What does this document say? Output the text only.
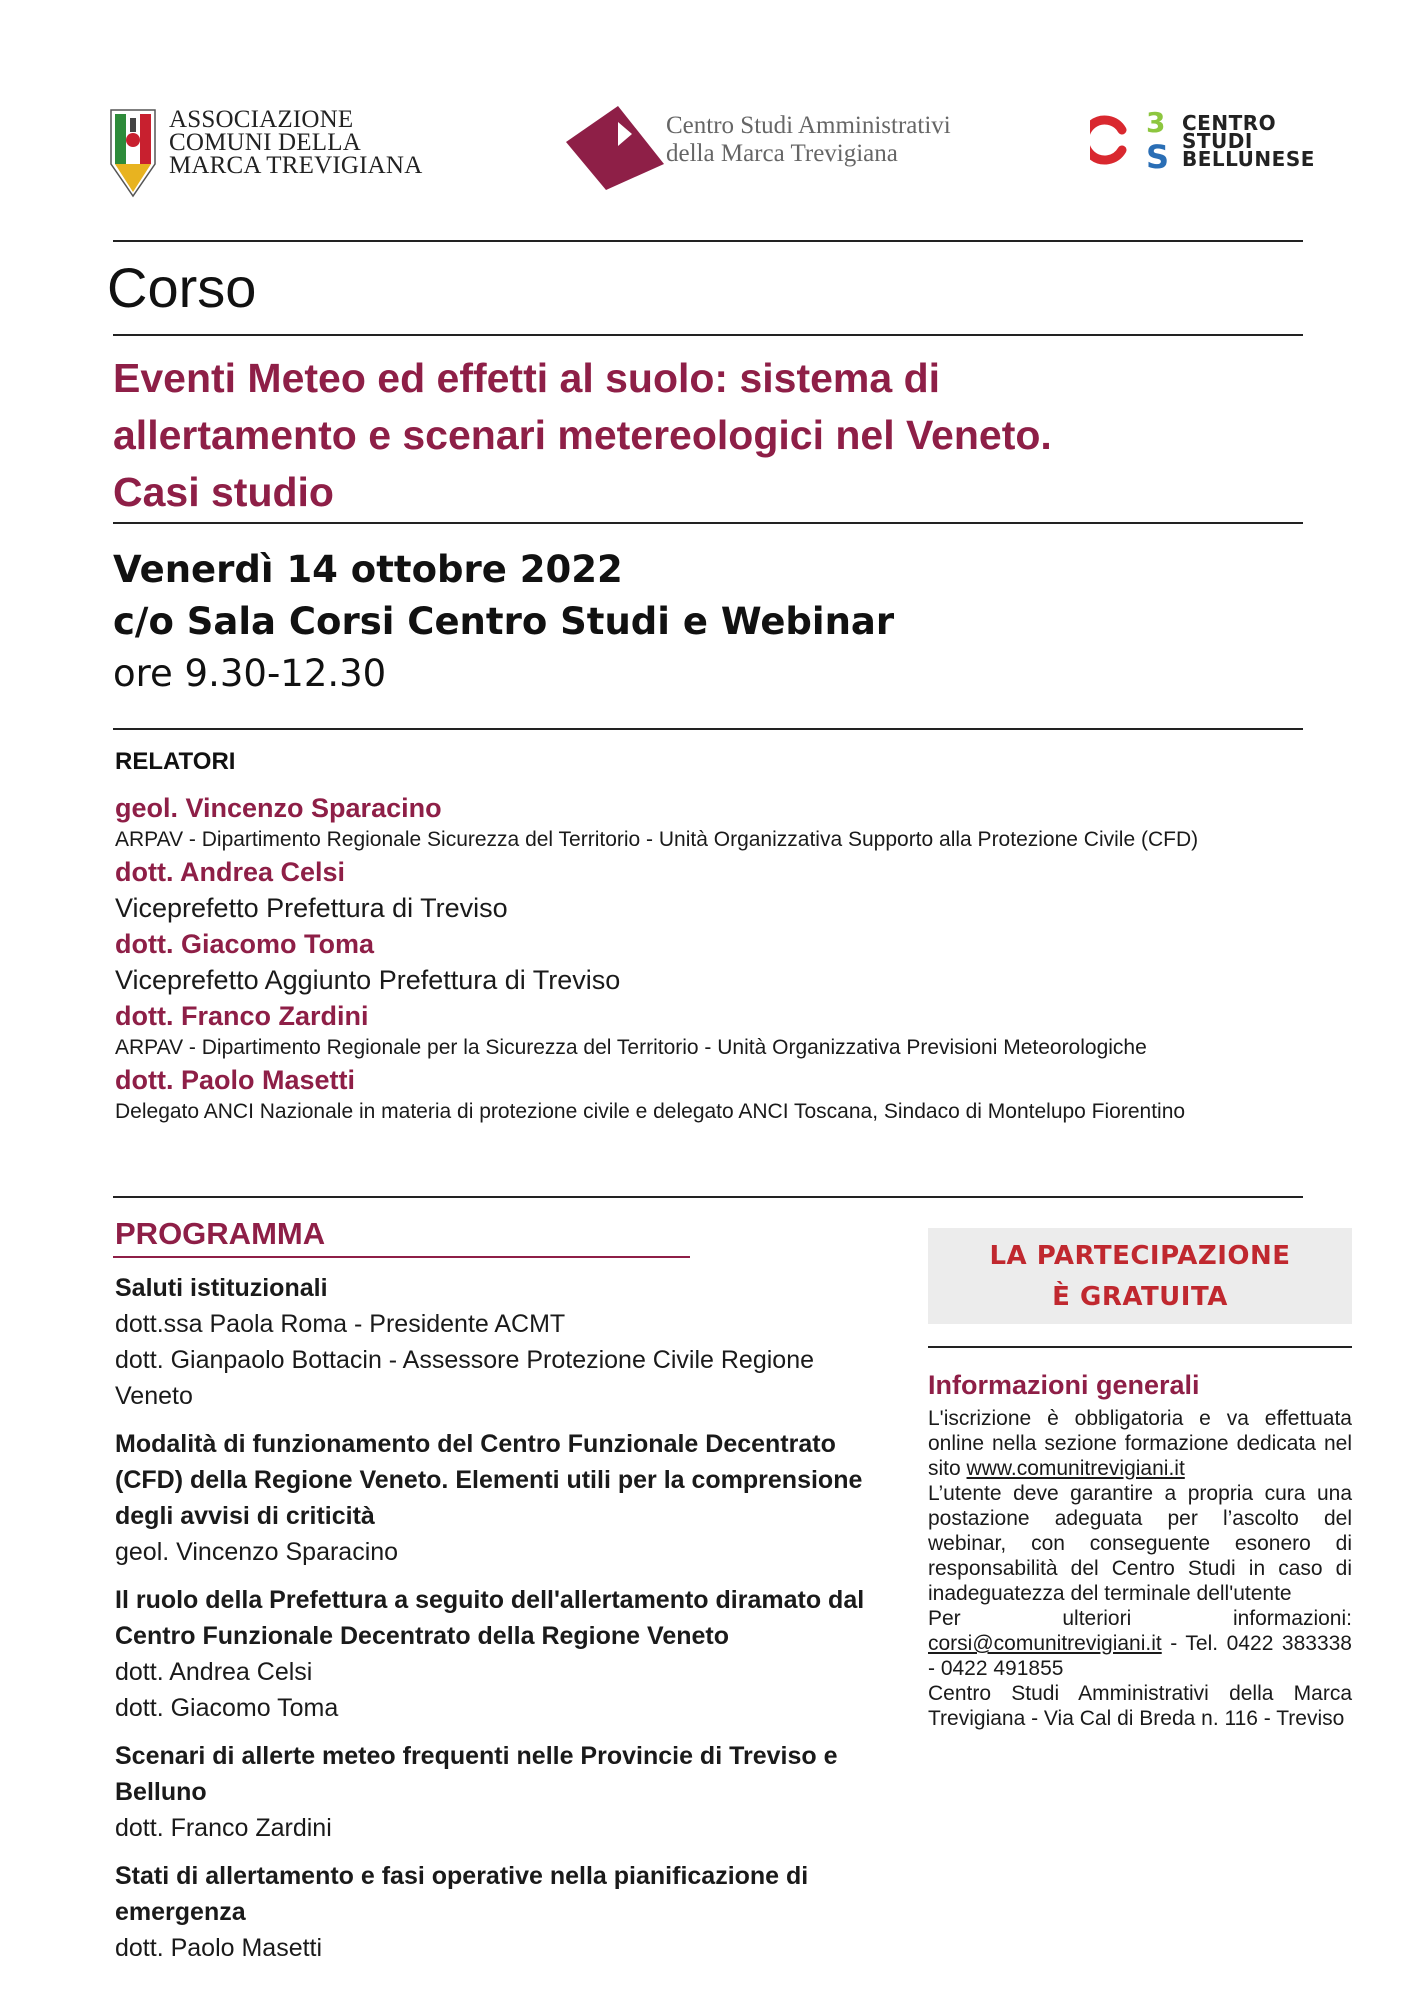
ASSOCIAZIONE
COMUNI DELLA
MARCA TREVIGIANA
Centro Studi Amministrativi
della Marca Trevigiana
3
S
CENTRO
STUDI
BELLUNESE
Corso
Eventi Meteo ed effetti al suolo: sistema di
allertamento e scenari metereologici nel Veneto.
Casi studio
Venerdì 14 ottobre 2022
c/o Sala Corsi Centro Studi e Webinar
ore 9.30-12.30
RELATORI
geol. Vincenzo Sparacino
ARPAV - Dipartimento Regionale Sicurezza del Territorio - Unità Organizzativa Supporto alla Protezione Civile (CFD)
dott. Andrea Celsi
Viceprefetto Prefettura di Treviso
dott. Giacomo Toma
Viceprefetto Aggiunto Prefettura di Treviso
dott. Franco Zardini
ARPAV - Dipartimento Regionale per la Sicurezza del Territorio - Unità Organizzativa Previsioni Meteorologiche
dott. Paolo Masetti
Delegato ANCI Nazionale in materia di protezione civile e delegato ANCI Toscana, Sindaco di Montelupo Fiorentino
PROGRAMMA
Saluti istituzionali
dott.ssa Paola Roma - Presidente ACMT
dott. Gianpaolo Bottacin - Assessore Protezione Civile Regione Veneto
Modalità di funzionamento del Centro Funzionale Decentrato (CFD) della Regione Veneto. Elementi utili per la comprensione degli avvisi di criticità
geol. Vincenzo Sparacino
Il ruolo della Prefettura a seguito dell'allertamento diramato dal Centro Funzionale Decentrato della Regione Veneto
dott. Andrea Celsi
dott. Giacomo Toma
Scenari di allerte meteo frequenti nelle Provincie di Treviso e Belluno
dott. Franco Zardini
Stati di allertamento e fasi operative nella pianificazione di emergenza
dott. Paolo Masetti
LA PARTECIPAZIONE
È GRATUITA
Informazioni generali

L'iscrizione è obbligatoria e va effettuata online nella sezione formazione dedicata nel sito www.comunitrevigiani.it

L’utente deve garantire a propria cura una postazione adeguata per l’ascolto del webinar, con conseguente esonero di responsabilità del Centro Studi in caso di inadeguatezza del terminale dell'utente

Per ulteriori informazioni: corsi@comunitrevigiani.it - Tel. 0422 383338 - 0422 491855

Centro Studi Amministrativi della Marca Trevigiana - Via Cal di Breda n. 116 - Treviso
